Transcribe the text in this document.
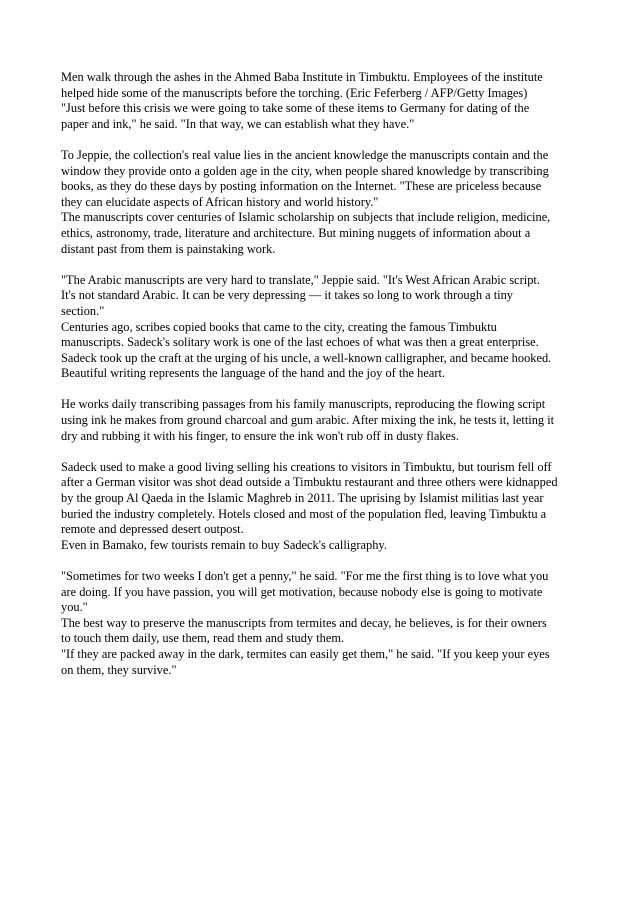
Men walk through the ashes in the Ahmed Baba Institute in Timbuktu. Employees of the institute
helped hide some of the manuscripts before the torching. (Eric Feferberg / AFP/Getty Images)
"Just before this crisis we were going to take some of these items to Germany for dating of the
paper and ink," he said. "In that way, we can establish what they have."

To Jeppie, the collection's real value lies in the ancient knowledge the manuscripts contain and the
window they provide onto a golden age in the city, when people shared knowledge by transcribing
books, as they do these days by posting information on the Internet. "These are priceless because
they can elucidate aspects of African history and world history."
The manuscripts cover centuries of Islamic scholarship on subjects that include religion, medicine,
ethics, astronomy, trade, literature and architecture. But mining nuggets of information about a
distant past from them is painstaking work.

"The Arabic manuscripts are very hard to translate," Jeppie said. "It's West African Arabic script.
It's not standard Arabic. It can be very depressing — it takes so long to work through a tiny
section."
Centuries ago, scribes copied books that came to the city, creating the famous Timbuktu
manuscripts. Sadeck's solitary work is one of the last echoes of what was then a great enterprise.
Sadeck took up the craft at the urging of his uncle, a well-known calligrapher, and became hooked.
Beautiful writing represents the language of the hand and the joy of the heart.

He works daily transcribing passages from his family manuscripts, reproducing the flowing script
using ink he makes from ground charcoal and gum arabic. After mixing the ink, he tests it, letting it
dry and rubbing it with his finger, to ensure the ink won't rub off in dusty flakes.

Sadeck used to make a good living selling his creations to visitors in Timbuktu, but tourism fell off
after a German visitor was shot dead outside a Timbuktu restaurant and three others were kidnapped
by the group Al Qaeda in the Islamic Maghreb in 2011. The uprising by Islamist militias last year
buried the industry completely. Hotels closed and most of the population fled, leaving Timbuktu a
remote and depressed desert outpost.
Even in Bamako, few tourists remain to buy Sadeck's calligraphy.

"Sometimes for two weeks I don't get a penny," he said. "For me the first thing is to love what you
are doing. If you have passion, you will get motivation, because nobody else is going to motivate
you."
The best way to preserve the manuscripts from termites and decay, he believes, is for their owners
to touch them daily, use them, read them and study them.
"If they are packed away in the dark, termites can easily get them," he said. "If you keep your eyes
on them, they survive."
